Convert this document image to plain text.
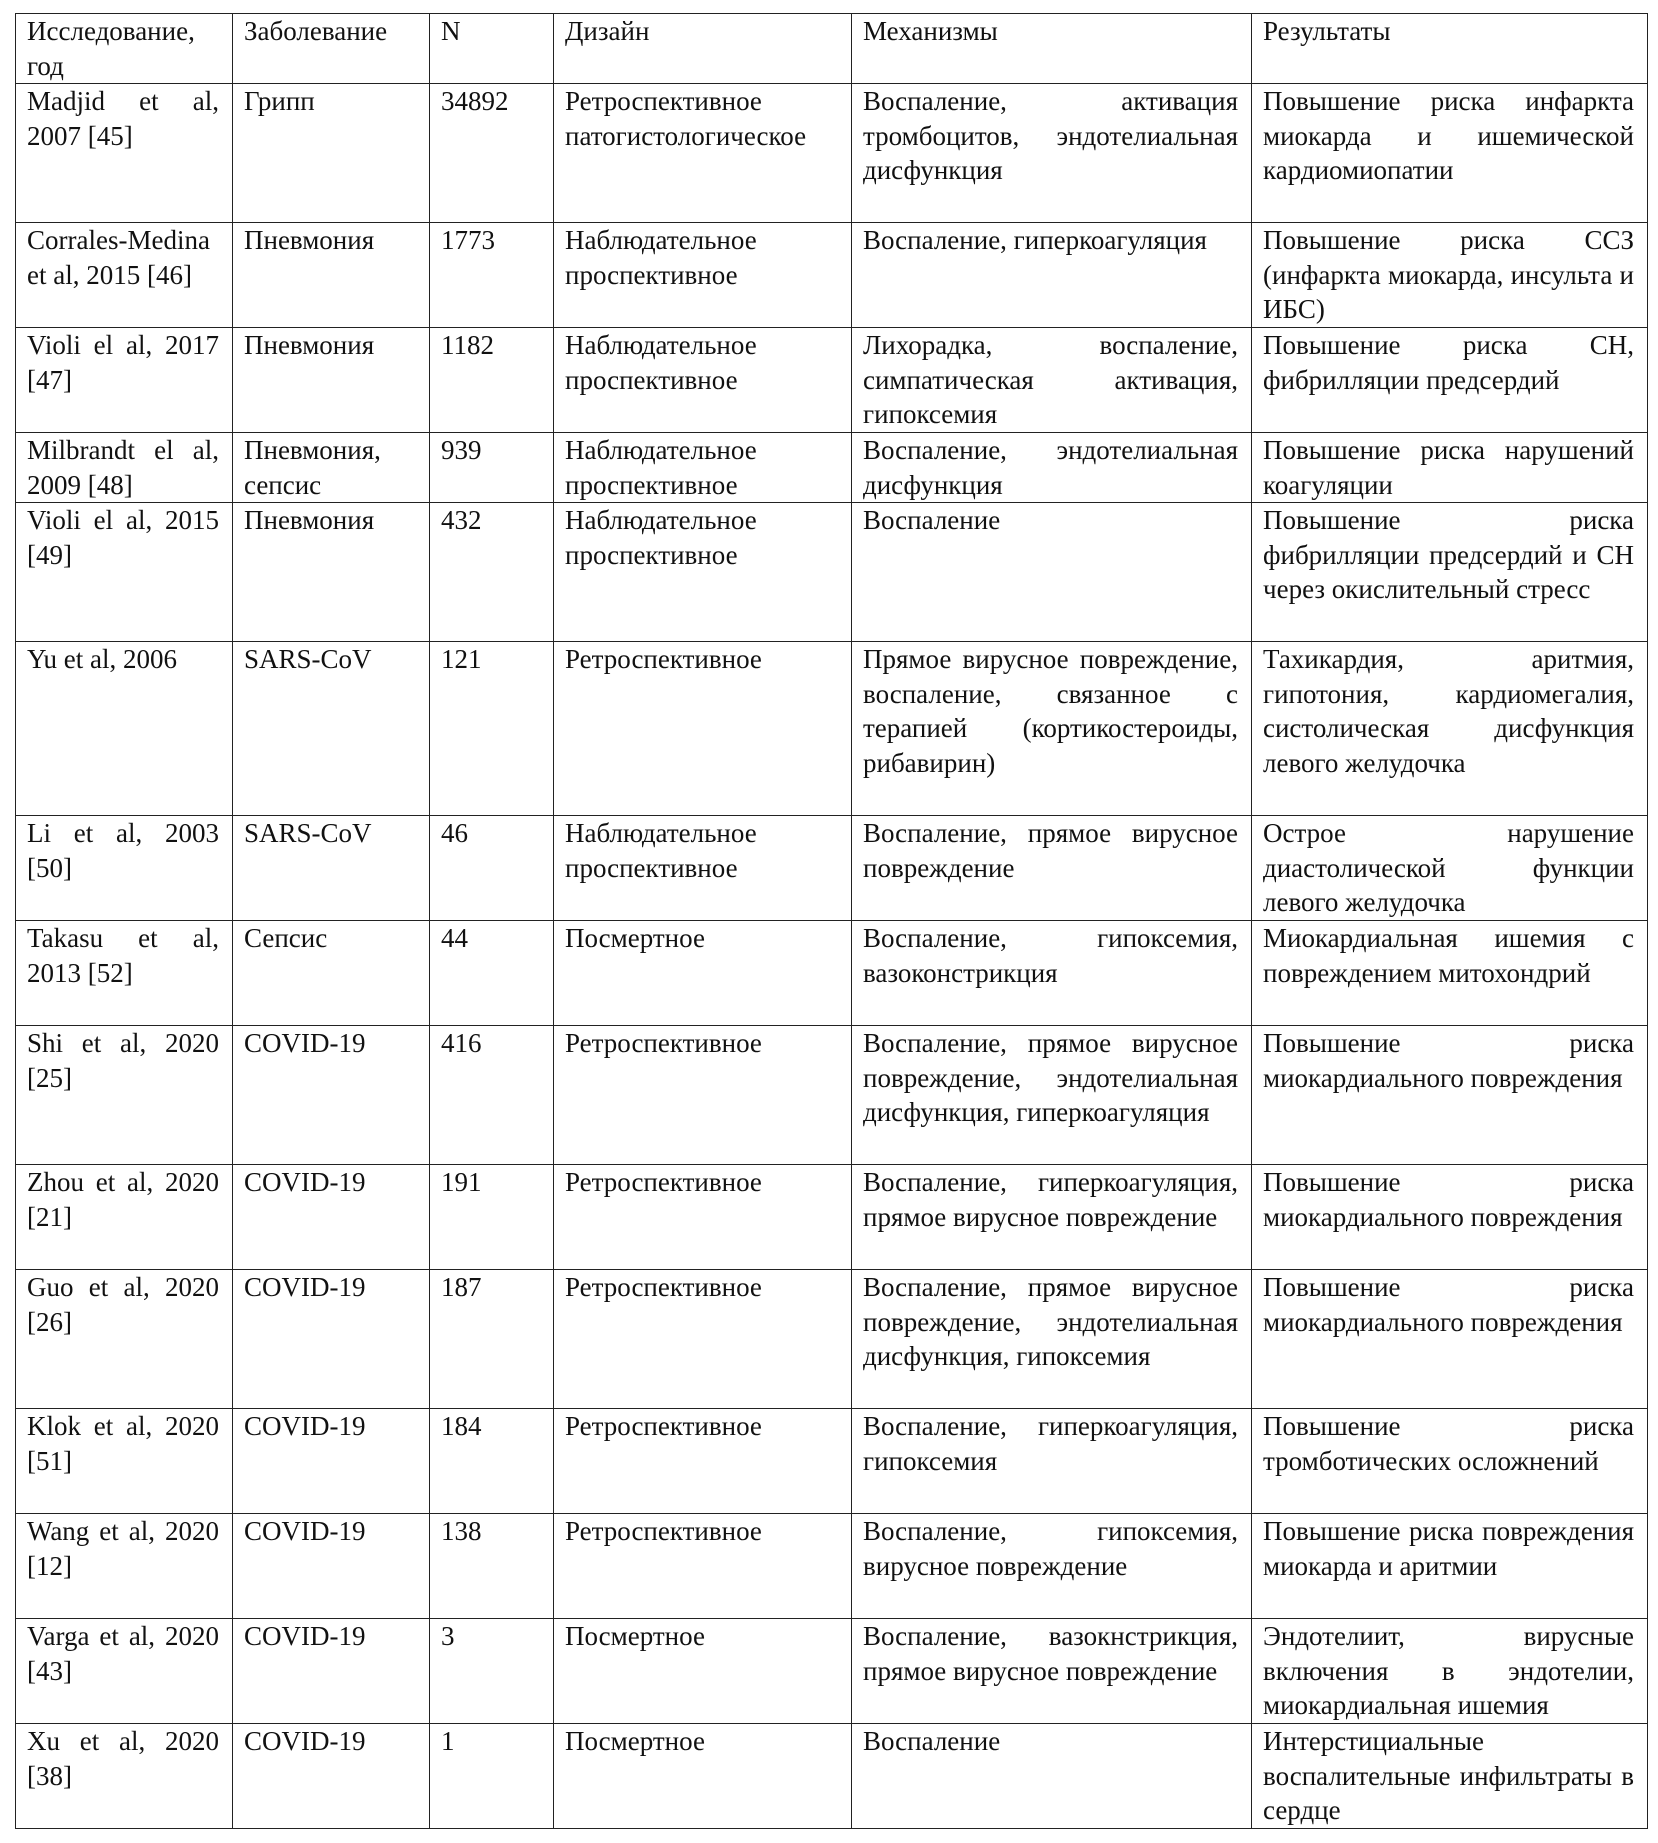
Исследование, год	Заболевание	N	Дизайн	Механизмы	Результаты
Madjid et al, 2007 [45]	Грипп	34892	Ретроспективное патогистологическое	Воспаление, активация тромбоцитов, эндотелиальная дисфункция	Повышение риска инфаркта миокарда и ишемической кардиомиопатии
Corrales-Medina et al, 2015 [46]	Пневмония	1773	Наблюдательное проспективное	Воспаление, гиперкоагуляция	Повышение риска ССЗ (инфаркта миокарда, инсульта и ИБС)
Violi el al, 2017 [47]	Пневмония	1182	Наблюдательное проспективное	Лихорадка, воспаление, симпатическая активация, гипоксемия	Повышение риска СН, фибрилляции предсердий
Milbrandt el al, 2009 [48]	Пневмония, сепсис	939	Наблюдательное проспективное	Воспаление, эндотелиальная дисфункция	Повышение риска нарушений коагуляции
Violi el al, 2015 [49]	Пневмония	432	Наблюдательное проспективное	Воспаление	Повышение риска фибрилляции предсердий и СН через окислительный стресс
Yu et al, 2006	SARS-CoV	121	Ретроспективное	Прямое вирусное повреждение, воспаление, связанное с терапией (кортикостероиды, рибавирин)	Тахикардия, аритмия, гипотония, кардиомегалия, систолическая дисфункция левого желудочка
Li et al, 2003 [50]	SARS-CoV	46	Наблюдательное проспективное	Воспаление, прямое вирусное повреждение	Острое нарушение диастолической функции левого желудочка
Takasu et al, 2013 [52]	Сепсис	44	Посмертное	Воспаление, гипоксемия, вазоконстрикция	Миокардиальная ишемия с повреждением митохондрий
Shi et al, 2020 [25]	COVID-19	416	Ретроспективное	Воспаление, прямое вирусное повреждение, эндотелиальная дисфункция, гиперкоагуляция	Повышение риска миокардиального повреждения
Zhou et al, 2020 [21]	COVID-19	191	Ретроспективное	Воспаление, гиперкоагуляция, прямое вирусное повреждение	Повышение риска миокардиального повреждения
Guo et al, 2020 [26]	COVID-19	187	Ретроспективное	Воспаление, прямое вирусное повреждение, эндотелиальная дисфункция, гипоксемия	Повышение риска миокардиального повреждения
Klok et al, 2020 [51]	COVID-19	184	Ретроспективное	Воспаление, гиперкоагуляция, гипоксемия	Повышение риска тромботических осложнений
Wang et al, 2020 [12]	COVID-19	138	Ретроспективное	Воспаление, гипоксемия, вирусное повреждение	Повышение риска повреждения миокарда и аритмии
Varga et al, 2020 [43]	COVID-19	3	Посмертное	Воспаление, вазокнстрикция, прямое вирусное повреждение	Эндотелиит, вирусные включения в эндотелии, миокардиальная ишемия
Xu et al, 2020 [38]	COVID-19	1	Посмертное	Воспаление	Интерстициальные воспалительные инфильтраты в сердце
